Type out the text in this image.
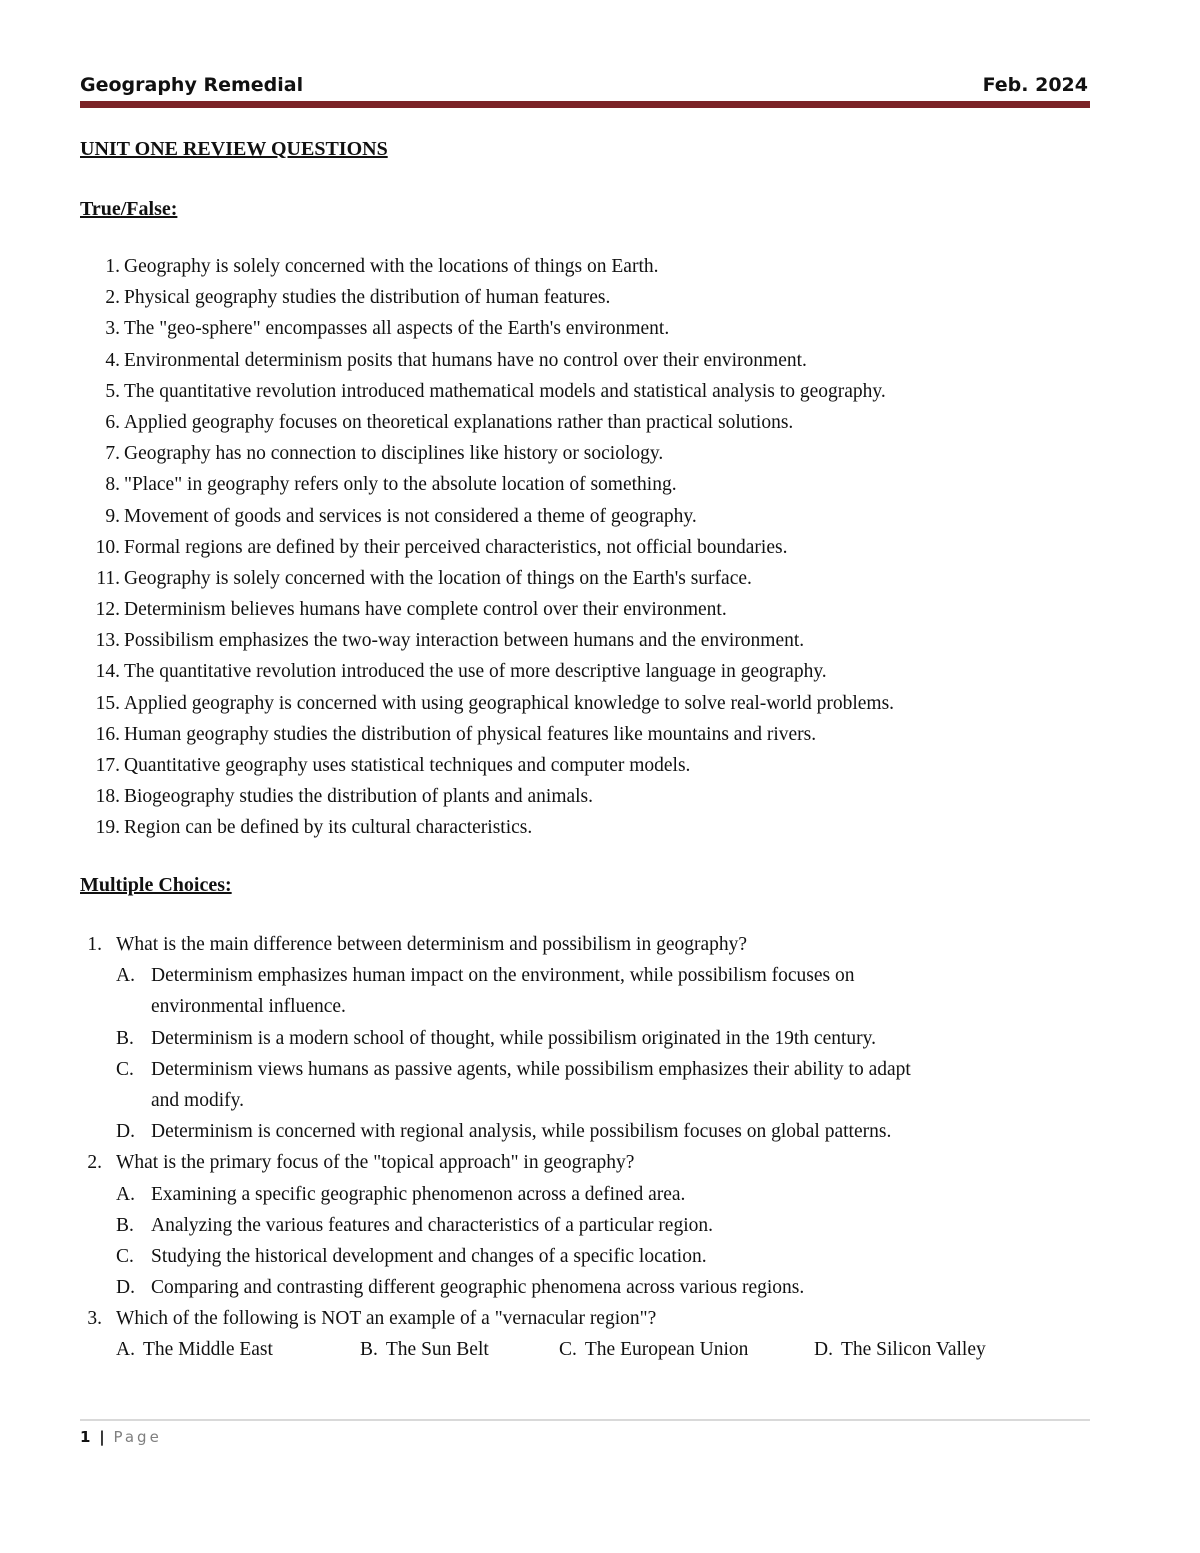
Geography Remedial	Feb. 2024
UNIT ONE REVIEW QUESTIONS
True/False:
1. Geography is solely concerned with the locations of things on Earth.
2. Physical geography studies the distribution of human features.
3. The "geo-sphere" encompasses all aspects of the Earth's environment.
4. Environmental determinism posits that humans have no control over their environment.
5. The quantitative revolution introduced mathematical models and statistical analysis to geography.
6. Applied geography focuses on theoretical explanations rather than practical solutions.
7. Geography has no connection to disciplines like history or sociology.
8. "Place" in geography refers only to the absolute location of something.
9. Movement of goods and services is not considered a theme of geography.
10. Formal regions are defined by their perceived characteristics, not official boundaries.
11. Geography is solely concerned with the location of things on the Earth's surface.
12. Determinism believes humans have complete control over their environment.
13. Possibilism emphasizes the two-way interaction between humans and the environment.
14. The quantitative revolution introduced the use of more descriptive language in geography.
15. Applied geography is concerned with using geographical knowledge to solve real-world problems.
16. Human geography studies the distribution of physical features like mountains and rivers.
17. Quantitative geography uses statistical techniques and computer models.
18. Biogeography studies the distribution of plants and animals.
19. Region can be defined by its cultural characteristics.
Multiple Choices:
1. What is the main difference between determinism and possibilism in geography?
A. Determinism emphasizes human impact on the environment, while possibilism focuses on
environmental influence.
B. Determinism is a modern school of thought, while possibilism originated in the 19th century.
C. Determinism views humans as passive agents, while possibilism emphasizes their ability to adapt
and modify.
D. Determinism is concerned with regional analysis, while possibilism focuses on global patterns.
2. What is the primary focus of the "topical approach" in geography?
A. Examining a specific geographic phenomenon across a defined area.
B. Analyzing the various features and characteristics of a particular region.
C. Studying the historical development and changes of a specific location.
D. Comparing and contrasting different geographic phenomena across various regions.
3. Which of the following is NOT an example of a "vernacular region"?
A. The Middle East	B. The Sun Belt	C. The European Union	D. The Silicon Valley
1 | Page
